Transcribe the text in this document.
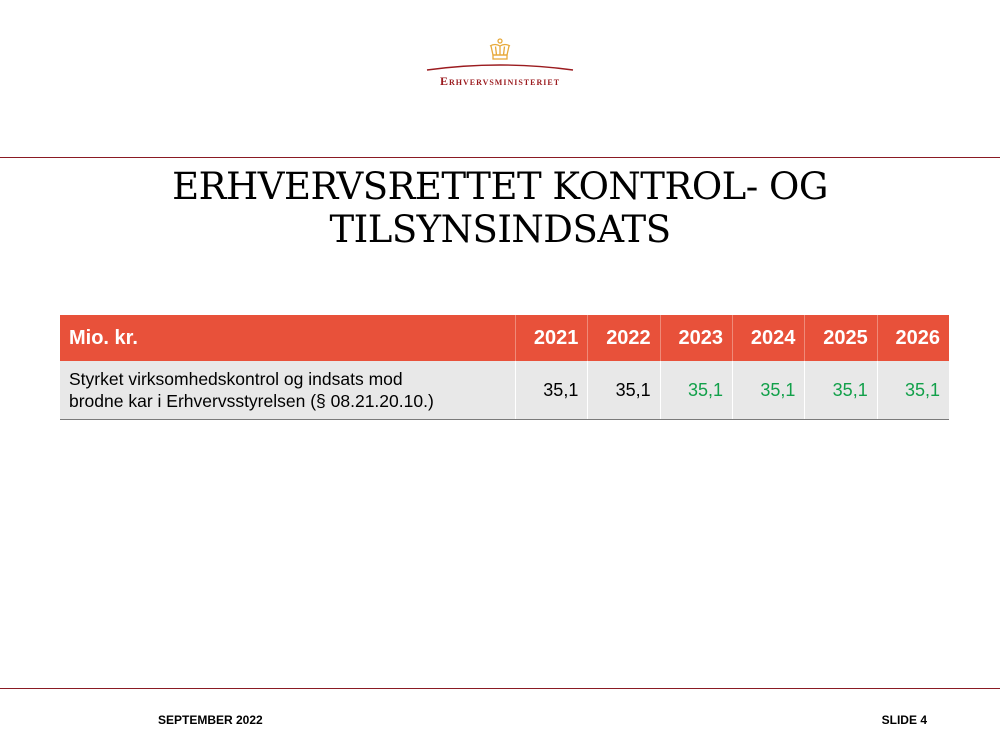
Erhvervsministeriet
ERHVERVSRETTET KONTROL- OG
TILSYNSINDSATS
Mio. kr.	2021	2022	2023	2024	2025	2026

Styrket virksomhedskontrol og indsats mod
brodne kar i Erhvervsstyrelsen (§ 08.21.20.10.)	35,1	35,1	35,1	35,1	35,1	35,1
SEPTEMBER 2022	SLIDE 4
